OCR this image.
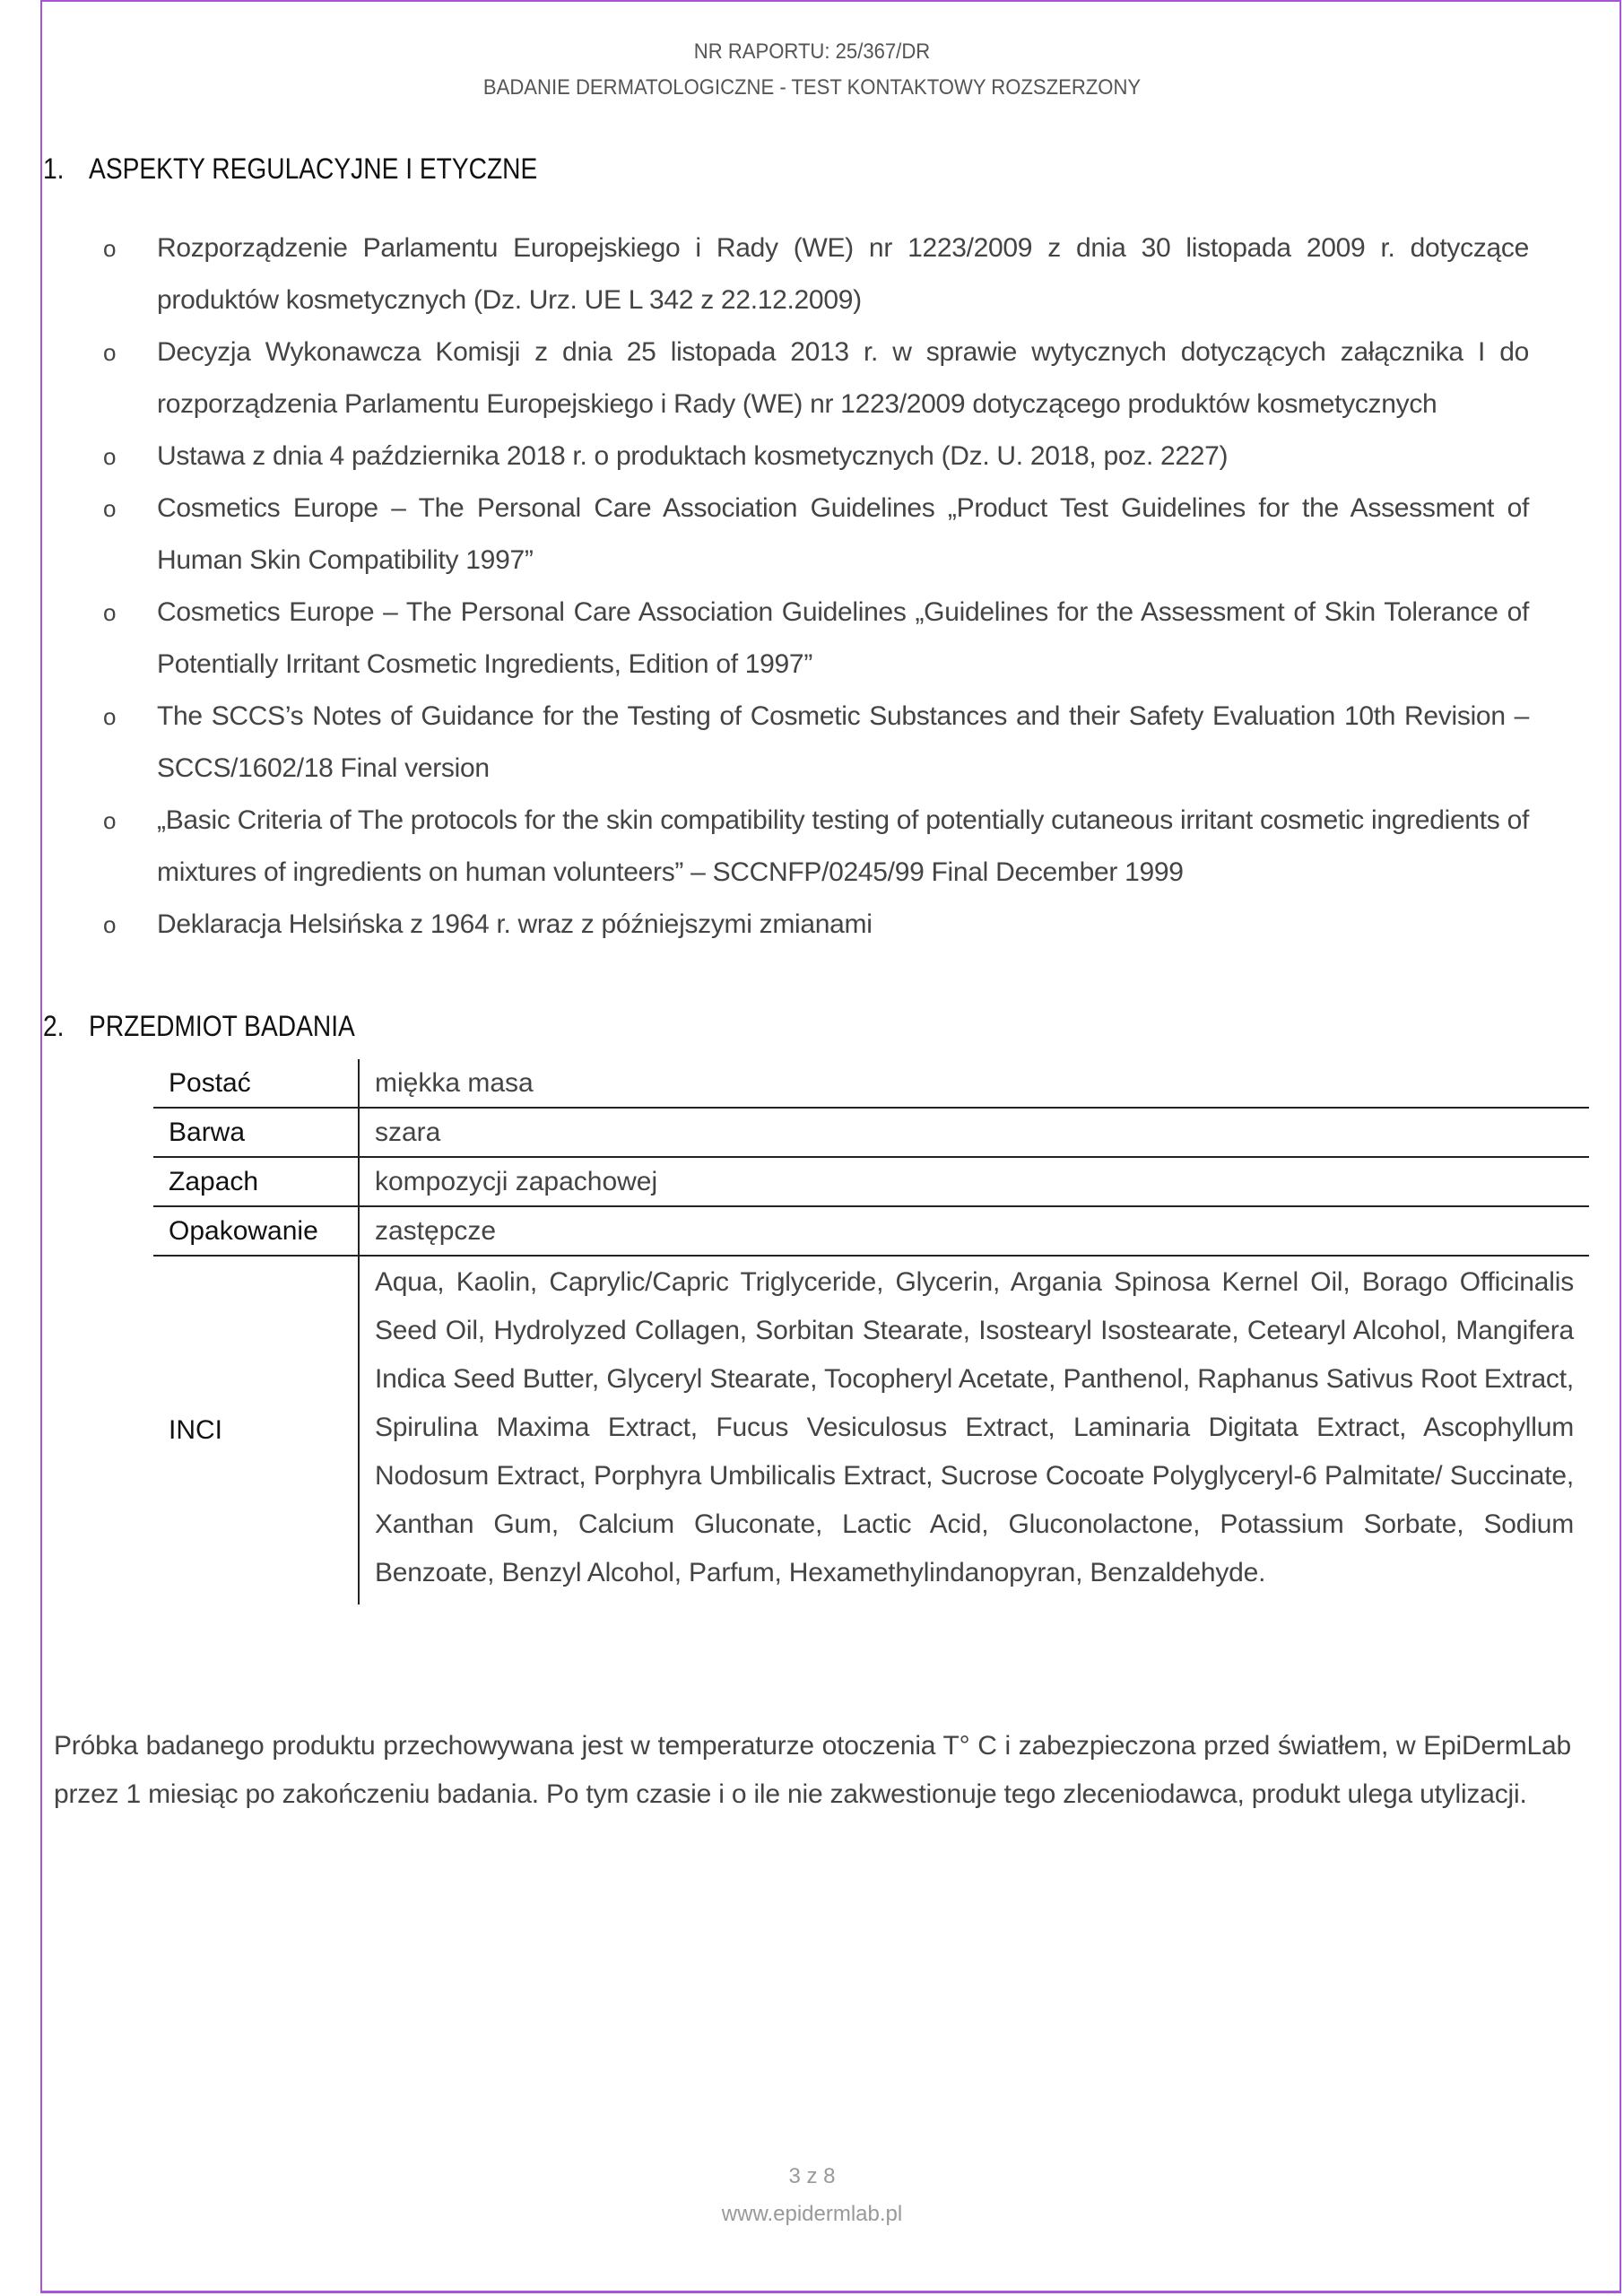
NR RAPORTU: 25/367/DR
BADANIE DERMATOLOGICZNE - TEST KONTAKTOWY ROZSZERZONY
1. ASPEKTY REGULACYJNE I ETYCZNE
o	Rozporządzenie Parlamentu Europejskiego i Rady (WE) nr 1223/2009 z dnia 30 listopada 2009 r. dotyczące produktów kosmetycznych (Dz. Urz. UE L 342 z 22.12.2009)
o	Decyzja Wykonawcza Komisji z dnia 25 listopada 2013 r. w sprawie wytycznych dotyczących załącznika I do rozporządzenia Parlamentu Europejskiego i Rady (WE) nr 1223/2009 dotyczącego produktów kosmetycznych
o	Ustawa z dnia 4 października 2018 r. o produktach kosmetycznych (Dz. U. 2018, poz. 2227)
o	Cosmetics Europe – The Personal Care Association Guidelines „Product Test Guidelines for the Assessment of Human Skin Compatibility 1997”
o	Cosmetics Europe – The Personal Care Association Guidelines „Guidelines for the Assessment of Skin Tolerance of Potentially Irritant Cosmetic Ingredients, Edition of 1997”
o	The SCCS’s Notes of Guidance for the Testing of Cosmetic Substances and their Safety Evaluation 10th Revision – SCCS/1602/18 Final version
o	„Basic Criteria of The protocols for the skin compatibility testing of potentially cutaneous irritant cosmetic ingredients of mixtures of ingredients on human volunteers” – SCCNFP/0245/99 Final December 1999
o	Deklaracja Helsińska z 1964 r. wraz z późniejszymi zmianami
2. PRZEDMIOT BADANIA
Postać	miękka masa
Barwa	szara
Zapach	kompozycji zapachowej
Opakowanie	zastępcze
INCI	Aqua, Kaolin, Caprylic/Capric Triglyceride, Glycerin, Argania Spinosa Kernel Oil, Borago Officinalis Seed Oil, Hydrolyzed Collagen, Sorbitan Stearate, Isostearyl Isostearate, Cetearyl Alcohol, Mangifera Indica Seed Butter, Glyceryl Stearate, Tocopheryl Acetate, Panthenol, Raphanus Sativus Root Extract, Spirulina Maxima Extract, Fucus Vesiculosus Extract, Laminaria Digitata Extract, Ascophyllum Nodosum Extract, Porphyra Umbilicalis Extract, Sucrose Cocoate Polyglyceryl-6 Palmitate/ Succinate, Xanthan Gum, Calcium Gluconate, Lactic Acid, Gluconolactone, Potassium Sorbate, Sodium Benzoate, Benzyl Alcohol, Parfum, Hexamethylindanopyran, Benzaldehyde.
Próbka badanego produktu przechowywana jest w temperaturze otoczenia T° C i zabezpieczona przed światłem, w EpiDermLab przez 1 miesiąc po zakończeniu badania. Po tym czasie i o ile nie zakwestionuje tego zleceniodawca, produkt ulega utylizacji.
3 z 8
www.epidermlab.pl
